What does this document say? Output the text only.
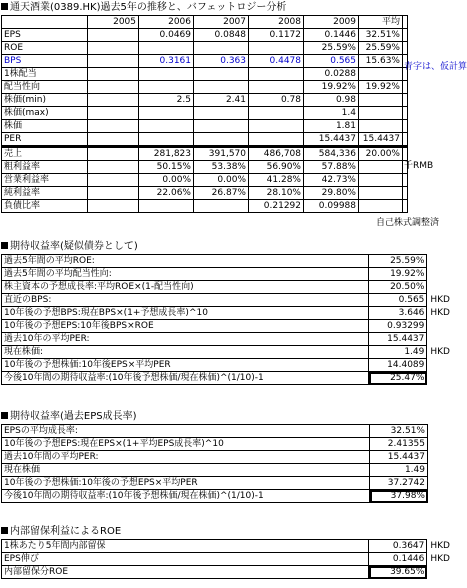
通天酒業(0389.HK)過去5年の推移と、バフェットロジー分析
	2005	2006	2007	2008	2009	平均	
EPS		0.0469	0.0848	0.1172	0.1446	32.51%	
ROE					25.59%	25.59%	
BPS		0.3161	0.363	0.4478	0.565	15.63%	
1株配当					0.0288		
配当性向					19.92%	19.92%	
株価(min)		2.5	2.41	0.78	0.98		
株価(max)					1.4		
株価					1.81		
PER					15.4437	15.4437	
売上		281,823	391,570	486,708	584,336	20.00%	
粗利益率		50.15%	53.38%	56.90%	57.88%		
営業利益率		0.00%	0.00%	41.28%	42.73%		
純利益率		22.06%	26.87%	28.10%	29.80%		
負債比率				0.21292	0.09988		
青字は、仮計算
千RMB
自己株式調整済
期待収益率(疑似債券として)
過去5年間の平均ROE:	25.59%	
過去5年間の平均配当性向:	19.92%	
株主資本の予想成長率:平均ROE×(1-配当性向)	20.50%	
直近のBPS:	0.565	HKD
10年後の予想BPS:現在BPS×(1+予想成長率)^10	3.646	HKD
10年後の予想EPS:10年後BPS×ROE	0.93299	
過去10年の平均PER:	15.4437	
現在株価:	1.49	HKD
10年後の予想株価:10年後EPS×平均PER	14.4089	
今後10年間の期待収益率:(10年後予想株価/現在株価)^(1/10)-1	25.47%	
期待収益率(過去EPS成長率)
EPSの平均成長率:	32.51%	
10年後の予想EPS:現在EPS×(1+平均EPS成長率)^10	2.41355	
過去10年間の平均PER:	15.4437	
現在株価	1.49	
10年後の予想株価:10年後の予想EPS×平均PER	37.2742	
今後10年間の期待収益率:(10年後予想株価/現在株価)^(1/10)-1	37.98%	
内部留保利益によるROE
1株あたり5年間内部留保	0.3647	HKD
EPS伸び	0.1446	HKD
内部留保分ROE	39.65%	
